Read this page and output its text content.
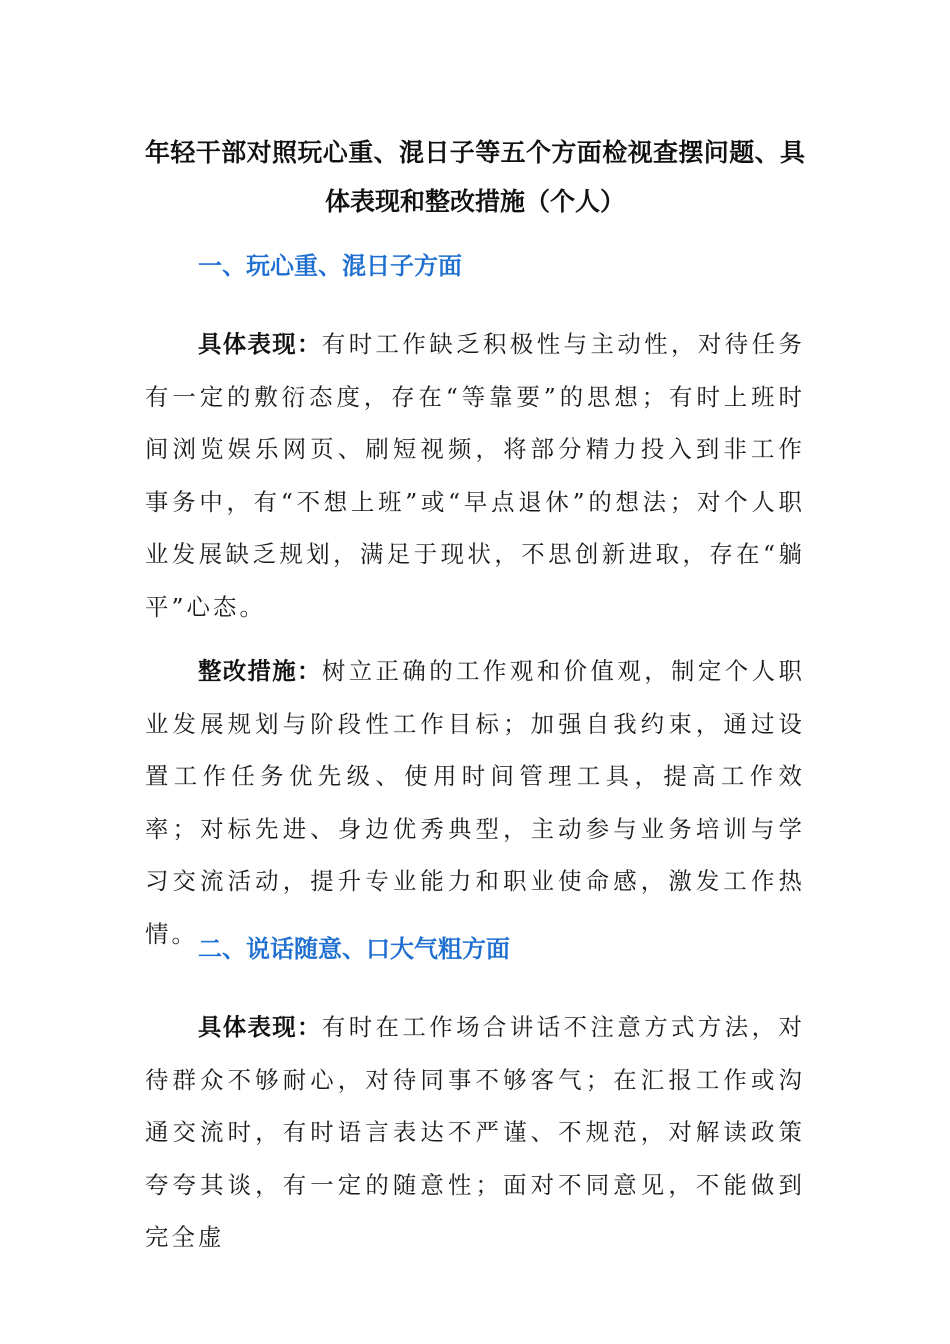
年轻干部对照玩心重、混日子等五个方面检视查摆问题、具体表现和整改措施（个人）
一、玩心重、混日子方面

具体表现：有时工作缺乏积极性与主动性，对待任务有一定的敷衍态度，存在“等靠要”的思想；有时上班时间浏览娱乐网页、刷短视频，将部分精力投入到非工作事务中，有“不想上班”或“早点退休”的想法；对个人职业发展缺乏规划，满足于现状，不思创新进取，存在“躺平”心态。

整改措施：树立正确的工作观和价值观，制定个人职业发展规划与阶段性工作目标；加强自我约束，通过设置工作任务优先级、使用时间管理工具，提高工作效率；对标先进、身边优秀典型，主动参与业务培训与学习交流活动，提升专业能力和职业使命感，激发工作热情。

二、说话随意、口大气粗方面

具体表现：有时在工作场合讲话不注意方式方法，对待群众不够耐心，对待同事不够客气；在汇报工作或沟通交流时，有时语言表达不严谨、不规范，对解读政策夸夸其谈，有一定的随意性；面对不同意见，不能做到完全虚
